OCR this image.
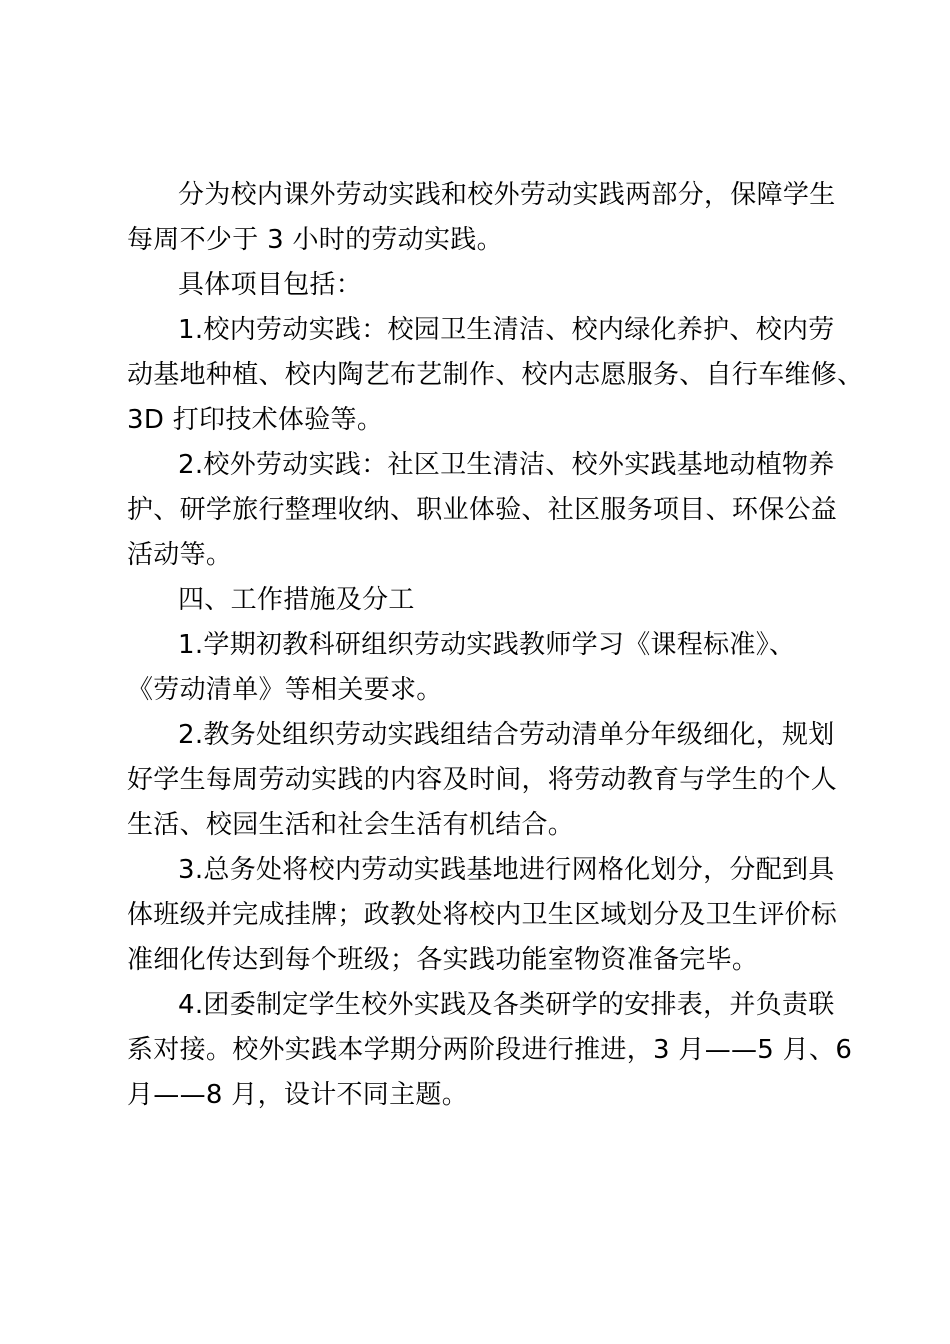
分为校内课外劳动实践和校外劳动实践两部分，保障学生

每周不少于 3 小时的劳动实践。

具体项目包括：

1.校内劳动实践：校园卫生清洁、校内绿化养护、校内劳

动基地种植、校内陶艺布艺制作、校内志愿服务、自行车维修、

3D 打印技术体验等。

2.校外劳动实践：社区卫生清洁、校外实践基地动植物养

护、研学旅行整理收纳、职业体验、社区服务项目、环保公益

活动等。

四、工作措施及分工

1.学期初教科研组织劳动实践教师学习《课程标准》、

《劳动清单》等相关要求。

2.教务处组织劳动实践组结合劳动清单分年级细化，规划

好学生每周劳动实践的内容及时间，将劳动教育与学生的个人

生活、校园生活和社会生活有机结合。

3.总务处将校内劳动实践基地进行网格化划分，分配到具

体班级并完成挂牌；政教处将校内卫生区域划分及卫生评价标

准细化传达到每个班级；各实践功能室物资准备完毕。

4.团委制定学生校外实践及各类研学的安排表，并负责联

系对接。校外实践本学期分两阶段进行推进，3 月——5 月、6

月——8 月，设计不同主题。
